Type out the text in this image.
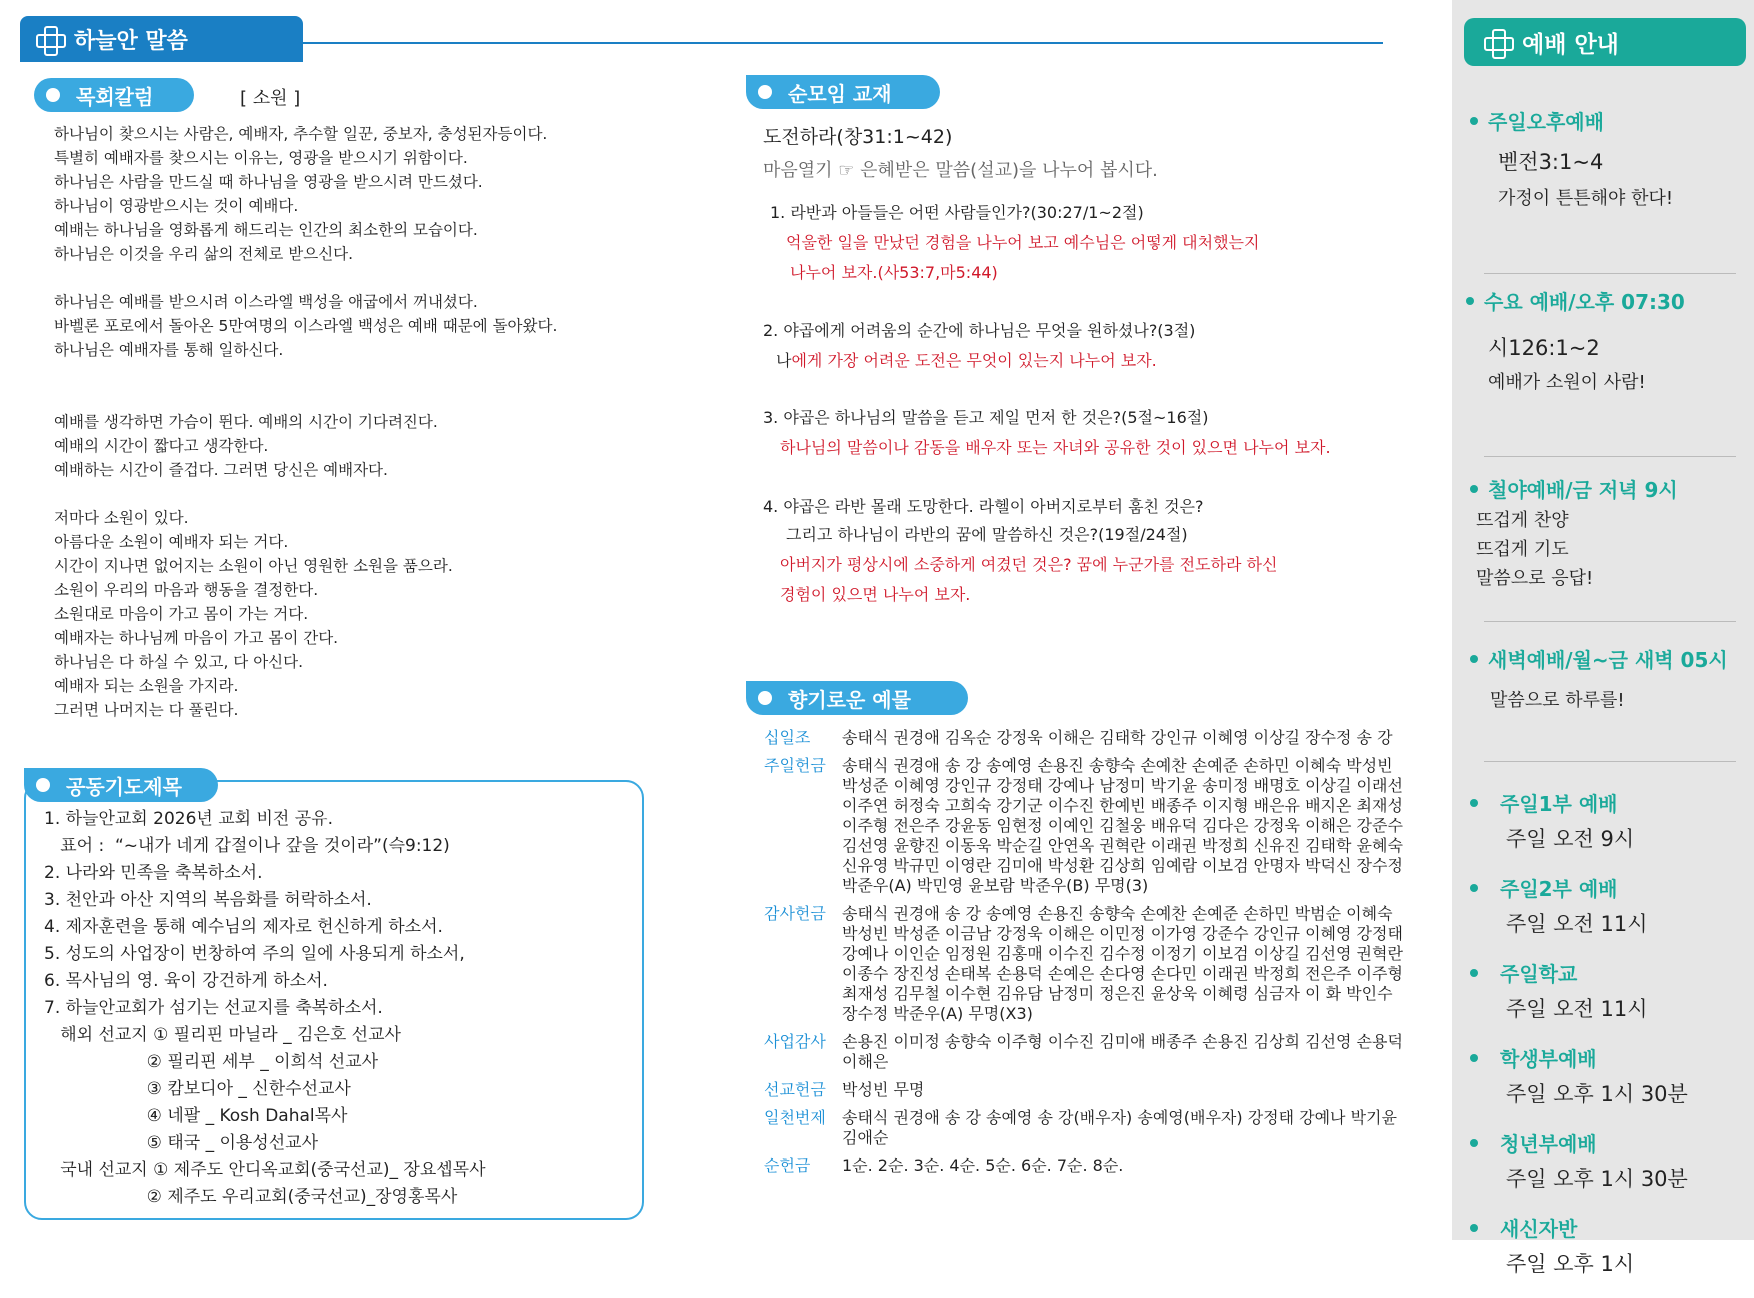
하늘안 말씀
목회칼럼	[ 소원 ]
하나님이 찾으시는 사람은, 예배자, 추수할 일꾼, 중보자, 충성된자등이다.
특별히 예배자를 찾으시는 이유는, 영광을 받으시기 위함이다.
하나님은 사람을 만드실 때 하나님을 영광을 받으시려 만드셨다.
하나님이 영광받으시는 것이 예배다.
예배는 하나님을 영화롭게 해드리는 인간의 최소한의 모습이다.
하나님은 이것을 우리 삶의 전체로 받으신다.
하나님은 예배를 받으시려 이스라엘 백성을 애굽에서 꺼내셨다.
바벨론 포로에서 돌아온 5만여명의 이스라엘 백성은 예배 때문에 돌아왔다.
하나님은 예배자를 통해 일하신다.
예배를 생각하면 가슴이 뛴다. 예배의 시간이 기다려진다.
예배의 시간이 짧다고 생각한다.
예배하는 시간이 즐겁다. 그러면 당신은 예배자다.
저마다 소원이 있다.
아름다운 소원이 예배자 되는 거다.
시간이 지나면 없어지는 소원이 아닌 영원한 소원을 품으라.
소원이 우리의 마음과 행동을 결정한다.
소원대로 마음이 가고 몸이 가는 거다.
예배자는 하나님께 마음이 가고 몸이 간다.
하나님은 다 하실 수 있고, 다 아신다.
예배자 되는 소원을 가지라.
그러면 나머지는 다 풀린다.
공동기도제목
1. 하늘안교회 2026년 교회 비전 공유.
표어 :  “~내가 네게 갑절이나 갚을 것이라”(슥9:12)
2. 나라와 민족을 축복하소서.
3. 천안과 아산 지역의 복음화를 허락하소서.
4. 제자훈련을 통해 예수님의 제자로 헌신하게 하소서.
5. 성도의 사업장이 번창하여 주의 일에 사용되게 하소서,
6. 목사님의 영. 육이 강건하게 하소서.
7. 하늘안교회가 섬기는 선교지를 축복하소서.
해외 선교지 ① 필리핀 마닐라 _ 김은호 선교사
② 필리핀 세부 _ 이희석 선교사
③ 캄보디아 _ 신한수선교사
④ 네팔 _ Kosh Dahal목사
⑤ 태국 _ 이용성선교사
국내 선교지 ① 제주도 안디옥교회(중국선교)_ 장요셉목사
② 제주도 우리교회(중국선교)_장영홍목사
순모임 교재
도전하라(창31:1~42)
마음열기 ☞ 은혜받은 말씀(설교)을 나누어 봅시다.
1. 라반과 아들들은 어떤 사람들인가?(30:27/1~2절)
억울한 일을 만났던 경험을 나누어 보고 예수님은 어떻게 대처했는지
나누어 보자.(사53:7,마5:44)
2. 야곱에게 어려움의 순간에 하나님은 무엇을 원하셨나?(3절)
나에게 가장 어려운 도전은 무엇이 있는지 나누어 보자.
3. 야곱은 하나님의 말씀을 듣고 제일 먼저 한 것은?(5절~16절)
하나님의 말씀이나 감동을 배우자 또는 자녀와 공유한 것이 있으면 나누어 보자.
4. 야곱은 라반 몰래 도망한다. 라헬이 아버지로부터 훔친 것은?
그리고 하나님이 라반의 꿈에 말씀하신 것은?(19절/24절)
아버지가 평상시에 소중하게 여겼던 것은? 꿈에 누군가를 전도하라 하신
경험이 있으면 나누어 보자.
향기로운 예물
십일조	송태식 권경애 김옥순 강정욱 이해은 김태학 강인규 이혜영 이상길 장수정 송 강
주일헌금	송태식 권경애 송 강 송예영 손용진 송향숙 손예찬 손예준 손하민 이혜숙 박성빈 박성준 이혜영 강인규 강정태 강예나 남정미 박기윤 송미정 배명호 이상길 이래선 이주연 허정숙 고희숙 강기군 이수진 한예빈 배종주 이지형 배은유 배지온 최재성 이주형 전은주 강윤동 임현정 이예인 김철웅 배유덕 김다은 강정욱 이해은 강준수 김선영 윤향진 이동욱 박순길 안연옥 권혁란 이래권 박정희 신유진 김태학 윤혜숙 신유영 박규민 이영란 김미애 박성환 김상희 임예람 이보검 안명자 박덕신 장수정 박준우(A) 박민영 윤보람 박준우(B) 무명(3)
감사헌금	송태식 권경애 송 강 송예영 손용진 송향숙 손예찬 손예준 손하민 박범순 이혜숙 박성빈 박성준 이금남 강정욱 이해은 이민정 이가영 강준수 강인규 이혜영 강정태 강예나 이인순 임정원 김홍매 이수진 김수정 이정기 이보검 이상길 김선영 권혁란 이종수 장진성 손태복 손용덕 손예은 손다영 손다민 이래권 박정희 전은주 이주형 최재성 김무철 이수현 김유담 남정미 정은진 윤상욱 이혜령 심금자 이 화 박인수 장수정 박준우(A) 무명(X3)
사업감사	손용진 이미정 송향숙 이주형 이수진 김미애 배종주 손용진 김상희 김선영 손용덕 이해은
선교헌금	박성빈 무명
일천번제	송태식 권경애 송 강 송예영 송 강(배우자) 송예영(배우자) 강정태 강예나 박기윤 김애순
순헌금	1순. 2순. 3순. 4순. 5순. 6순. 7순. 8순.
예배 안내
주일오후예배
벧전3:1~4
가정이 튼튼해야 한다!
수요 예배/오후 07:30
시126:1~2
예배가 소원이 사람!
철야예배/금 저녁 9시
뜨겁게 찬양
뜨겁게 기도
말씀으로 응답!
새벽예배/월~금 새벽 05시
말씀으로 하루를!
주일1부 예배
주일 오전 9시
주일2부 예배
주일 오전 11시
주일학교
주일 오전 11시
학생부예배
주일 오후 1시 30분
청년부예배
주일 오후 1시 30분
새신자반
주일 오후 1시
